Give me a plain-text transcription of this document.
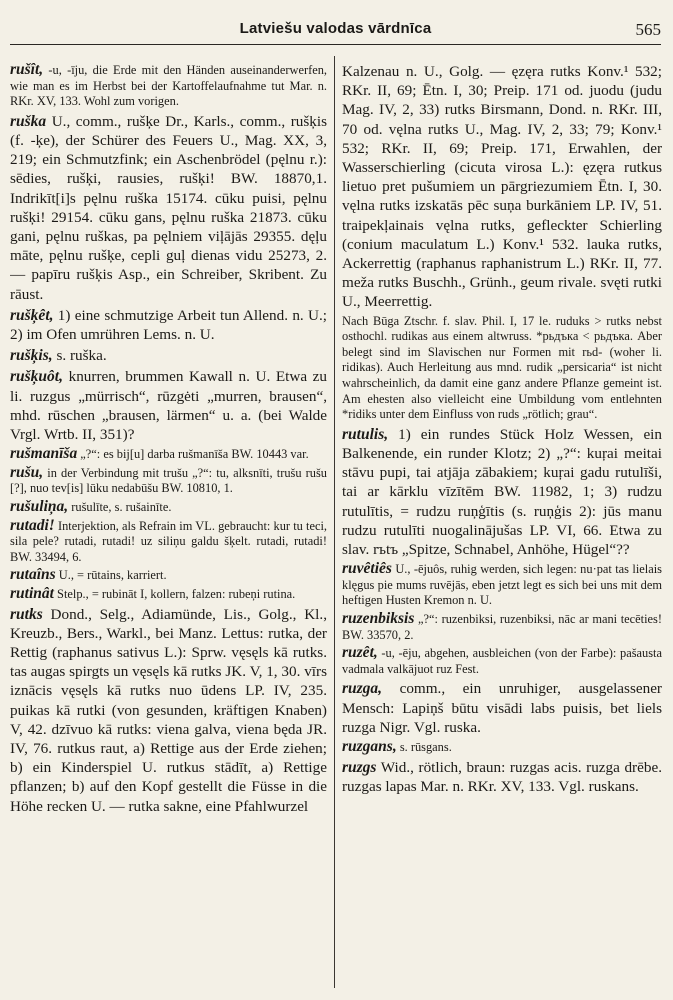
Latviešu valodas vārdnīca	565

rušît, -u, -īju, die Erde mit den Händen auseinanderwerfen, wie man es im Herbst bei der Kartoffelaufnahme tut Mar. n. RKr. XV, 133. Wohl zum vorigen.

ruška U., comm., rušķe Dr., Karls., comm., rušķis (f. -ķe), der Schürer des Feuers U., Mag. XX, 3, 219; ein Schmutzfink; ein Aschenbrödel (pęlnu r.): sēdies, rušķi, rausies, rušķi! BW. 18870,1. Indrikīt[i]s pęlnu ruška 15174. cūku puisi, pęlnu rušķi! 29154. cūku gans, pęlnu ruška 21873. cūku gani, pęlnu ruškas, pa pęlniem viļājās 29355. dęļu māte, pęlnu rušķe, cepli guļ dienas vidu 25273, 2. — papīru rušķis Asp., ein Schreiber, Skribent. Zu rāust.

rušķêt, 1) eine schmutzige Arbeit tun Allend. n. U.; 2) im Ofen umrühren Lems. n. U.

rušķis, s. ruška.

rušķuôt, knurren, brummen Kawall n. U. Etwa zu li. ruzgus „mürrisch“, rūzgėti „murren, brausen“, mhd. rūschen „brausen, lärmen“ u. a. (bei Walde Vrgl. Wrtb. II, 351)?

rušmanīša „?“: es bij[u] darba rušmanīša BW. 10443 var.

rušu, in der Verbindung mit trušu „?“: tu, alksnīti, trušu rušu [?], nuo tev[is] lūku nedabūšu BW. 10810, 1.

rušuliņa, rušulīte, s. rušainīte.

rutadi! Interjektion, als Refrain im VL. gebraucht: kur tu teci, sila pele? rutadi, rutadi! uz siliņu galdu šķelt. rutadi, rutadi! BW. 33494, 6.

rutaîns U., = rūtains, karriert.

rutinât Stelp., = rubināt I, kollern, falzen: rubeņi rutina.

rutks Dond., Selg., Adiamünde, Lis., Golg., Kl., Kreuzb., Bers., Warkl., bei Manz. Lettus: rutka, der Rettig (raphanus sativus L.): Sprw. vęsęls kā rutks. tas augas spirgts un vęsęls kā rutks JK. V, 1, 30. vīrs iznācis vęsęls kā rutks nuo ūdens LP. IV, 235. puikas kā rutki (von gesunden, kräftigen Knaben) V, 42. dzīvuo kā rutks: viena galva, viena będa JR. IV, 76. rutkus raut, a) Rettige aus der Erde ziehen; b) ein Kinderspiel U. rutkus stādīt, a) Rettige pflanzen; b) auf den Kopf gestellt die Füsse in die Höhe recken U. — rutka sakne, eine Pfahlwurzel

Kalzenau n. U., Golg. — ęzęra rutks Konv.¹ 532; RKr. II, 69; Ētn. I, 30; Preip. 171 od. juodu (judu Mag. IV, 2, 33) rutks Birsmann, Dond. n. RKr. III, 70 od. vęlna rutks U., Mag. IV, 2, 33; 79; Konv.¹ 532; RKr. II, 69; Preip. 171, Erwahlen, der Wasserschierling (cicuta virosa L.): ęzęra rutkus lietuo pret pušumiem un pārgriezumiem Ētn. I, 30. vęlna rutks izskatās pēc suņa burkāniem LP. IV, 51. traipekļainais vęlna rutks, gefleckter Schierling (conium maculatum L.) Konv.¹ 532. lauka rutks, Ackerrettig (raphanus raphanistrum L.) RKr. II, 77. meža rutks Buschh., Grünh., geum rivale. svęti rutki U., Meerrettig.

Nach Būga Ztschr. f. slav. Phil. I, 17 le. ruduks > rutks nebst osthochl. rudikas aus einem altwruss. *рьдъка < рьдъка. Aber belegt sind im Slavischen nur Formen mit rьd- (woher li. ridikas). Auch Herleitung aus mnd. rudik „persicaria“ ist nicht wahrscheinlich, da damit eine ganz andere Pflanze gemeint ist. Am ehesten also vielleicht eine Umbildung vom entlehnten *ridiks unter dem Einfluss von ruds „rötlich; grau“.

rutulis, 1) ein rundes Stück Holz Wessen, ein Balkenende, ein runder Klotz; 2) „?“: kuŗai meitai stāvu pupi, tai atjāja zābakiem; kuŗai gadu rutulīši, tai ar kārklu vīzītēm BW. 11982, 1; 3) rudzu rutulītis, = rudzu ruņģītis (s. ruņģis 2): jūs manu rudzu rutulīti nuogalinājušas LP. VI, 66. Etwa zu slav. rъtъ „Spitze, Schnabel, Anhöhe, Hügel“??

ruvêtiês U., -ējuôs, ruhig werden, sich legen: nu·pat tas lielais klęgus pie mums ruvējās, eben jetzt legt es sich bei uns mit dem heftigen Husten Kremon n. U.

ruzenbiksis „?“: ruzenbiksi, ruzenbiksi, nāc ar mani tecēties! BW. 33570, 2.

ruzêt, -u, -ēju, abgehen, ausbleichen (von der Farbe): pašausta vadmala valkājuot ruz Fest.

ruzga, comm., ein unruhiger, ausgelassener Mensch: Lapiņš būtu visādi labs puisis, bet liels ruzga Nigr. Vgl. ruska.

ruzgans, s. rūsgans.

ruzgs Wid., rötlich, braun: ruzgas acis. ruzga drēbe. ruzgas lapas Mar. n. RKr. XV, 133. Vgl. ruskans.
